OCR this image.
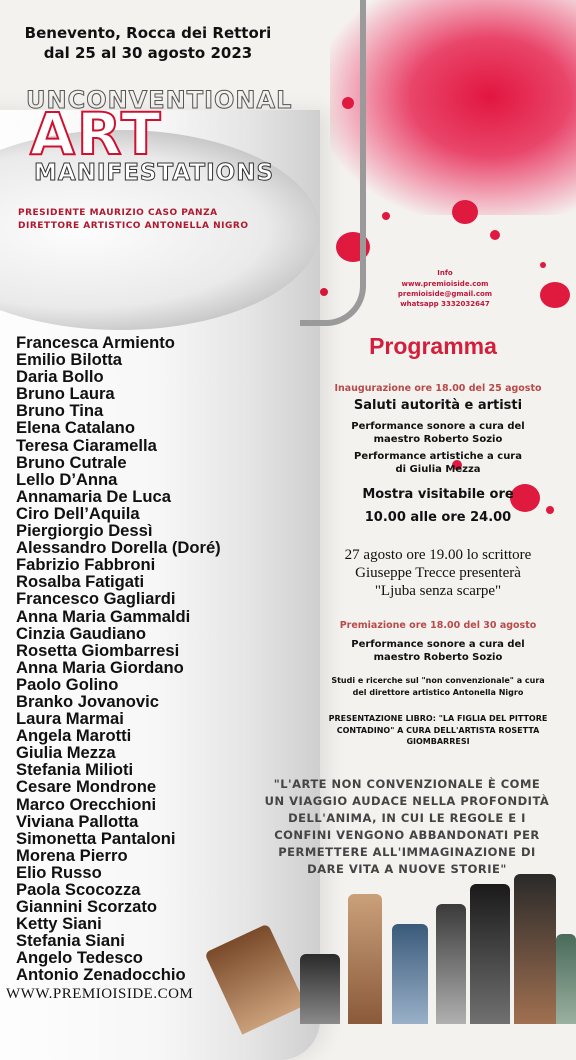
Benevento, Rocca dei Rettori
dal 25 al 30 agosto 2023
UNCONVENTIONAL
ART
MANIFESTATIONS
PRESIDENTE MAURIZIO CASO PANZA
DIRETTORE ARTISTICO ANTONELLA NIGRO
Info
www.premioiside.com
premioiside@gmail.com
whatsapp 3332032647
Francesca Armiento
Emilio Bilotta
Daria Bollo
Bruno Laura
Bruno Tina
Elena Catalano
Teresa Ciaramella
Bruno Cutrale
Lello D’Anna
Annamaria De Luca
Ciro Dell’Aquila
Piergiorgio Dessì
Alessandro Dorella (Doré)
Fabrizio Fabbroni
Rosalba Fatigati
Francesco Gagliardi
Anna Maria Gammaldi
Cinzia Gaudiano
Rosetta Giombarresi
Anna Maria Giordano
Paolo Golino
Branko Jovanovic
Laura Marmai
Angela Marotti
Giulia Mezza
Stefania Milioti
Cesare Mondrone
Marco Orecchioni
Viviana Pallotta
Simonetta Pantaloni
Morena Pierro
Elio Russo
Paola Scocozza
Giannini Scorzato
Ketty Siani
Stefania Siani
Angelo Tedesco
Antonio Zenadocchio
WWW.PREMIOISIDE.COM
Programma
Inaugurazione ore 18.00 del 25 agosto
Saluti autorità e artisti
Performance sonore a cura del
maestro Roberto Sozio
Performance artistiche a cura
di Giulia Mezza
Mostra visitabile ore
10.00 alle ore 24.00
27 agosto ore 19.00 lo scrittore
Giuseppe Trecce presenterà
"Ljuba senza scarpe"
Premiazione ore 18.00 del 30 agosto
Performance sonore a cura del
maestro Roberto Sozio
Studi e ricerche sul "non convenzionale" a cura
del direttore artistico Antonella Nigro
PRESENTAZIONE LIBRO: "LA FIGLIA DEL PITTORE
CONTADINO" A CURA DELL'ARTISTA ROSETTA GIOMBARRESI
"L'ARTE NON CONVENZIONALE È COME
UN VIAGGIO AUDACE NELLA PROFONDITÀ
DELL'ANIMA, IN CUI LE REGOLE E I
CONFINI VENGONO ABBANDONATI PER
PERMETTERE ALL'IMMAGINAZIONE DI
DARE VITA A NUOVE STORIE"
